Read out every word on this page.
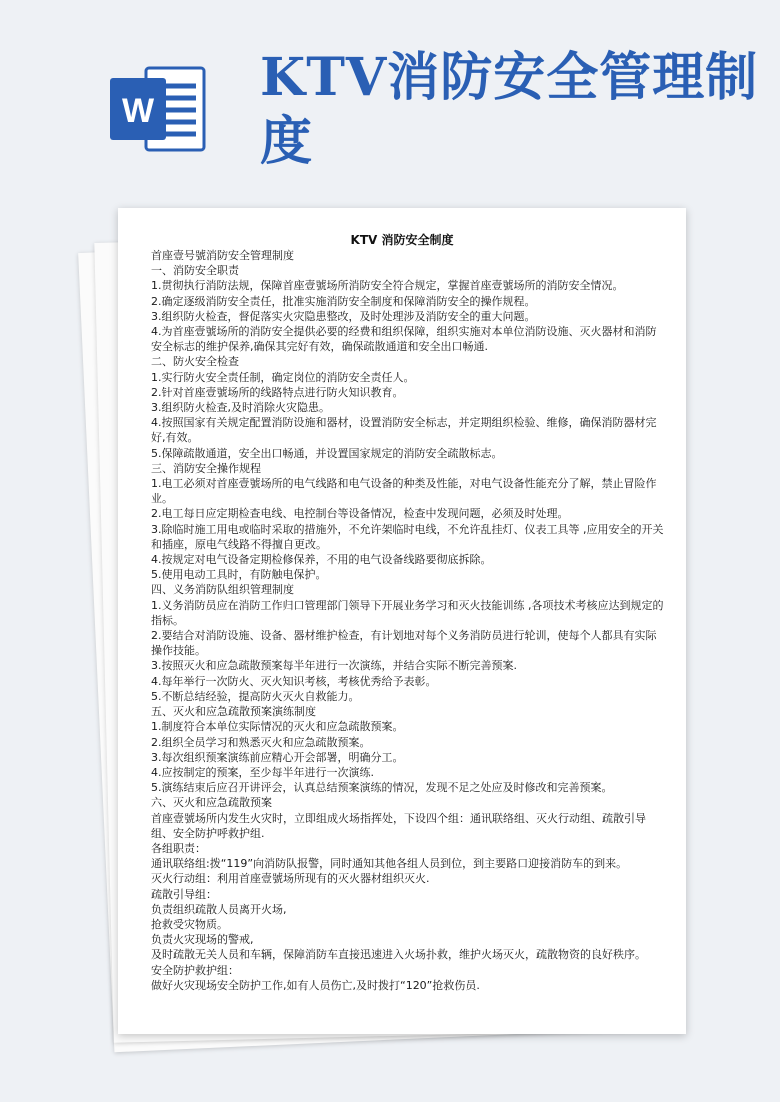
W
KTV消防安全管理制度
KTV 消防安全制度
首座壹号號消防安全管理制度
一、消防安全职责
1.贯彻执行消防法规，保障首座壹號场所消防安全符合规定，掌握首座壹號场所的消防安全情况。
2.确定逐级消防安全责任，批准实施消防安全制度和保障消防安全的操作规程。
3.组织防火检查，督促落实火灾隐患整改，及时处理涉及消防安全的重大问题。
4.为首座壹號场所的消防安全提供必要的经费和组织保障，组织实施对本单位消防设施、灭火器材和消防安全标志的维护保养,确保其完好有效，确保疏散通道和安全出口畅通.
二、防火安全检查
1.实行防火安全责任制，确定岗位的消防安全责任人。
2.针对首座壹號场所的线路特点进行防火知识教育。
3.组织防火检查,及时消除火灾隐患。
4.按照国家有关规定配置消防设施和器材，设置消防安全标志，并定期组织检验、维修，确保消防器材完好,有效。
5.保障疏散通道，安全出口畅通，并设置国家规定的消防安全疏散标志。
三、消防安全操作规程
1.电工必须对首座壹號场所的电气线路和电气设备的种类及性能，对电气设备性能充分了解，禁止冒险作业。
2.电工每日应定期检查电线、电控制台等设备情况，检查中发现问题，必须及时处理。
3.除临时施工用电或临时采取的措施外，不允许架临时电线，不允许乱挂灯、仪表工具等 ,应用安全的开关和插座，原电气线路不得擅自更改。
4.按规定对电气设备定期检修保养，不用的电气设备线路要彻底拆除。
5.使用电动工具时，有防触电保护。
四、义务消防队组织管理制度
1.义务消防员应在消防工作归口管理部门领导下开展业务学习和灭火技能训练 ,各项技术考核应达到规定的指标。
2.要结合对消防设施、设备、器材维护检查，有计划地对每个义务消防员进行轮训，使每个人都具有实际操作技能。
3.按照灭火和应急疏散预案每半年进行一次演练，并结合实际不断完善预案.
4.每年举行一次防火、灭火知识考核，考核优秀给予表彰。
5.不断总结经验，提高防火灭火自救能力。
五、灭火和应急疏散预案演练制度
1.制度符合本单位实际情况的灭火和应急疏散预案。
2.组织全员学习和熟悉灭火和应急疏散预案。
3.每次组织预案演练前应精心开会部署，明确分工。
4.应按制定的预案，至少每半年进行一次演练.
5.演练结束后应召开讲评会，认真总结预案演练的情况，发现不足之处应及时修改和完善预案。
六、灭火和应急疏散预案
首座壹號场所内发生火灾时，立即组成火场指挥处，下设四个组：通讯联络组、灭火行动组、疏散引导组、安全防护呼救护组.
各组职责：
通讯联络组:拨“119”向消防队报警，同时通知其他各组人员到位，到主要路口迎接消防车的到来。
灭火行动组：利用首座壹號场所现有的灭火器材组织灭火.
疏散引导组：
负责组织疏散人员离开火场,
抢救受灾物质。
负责火灾现场的警戒,
及时疏散无关人员和车辆，保障消防车直接迅速进入火场扑救，维护火场灭火，疏散物资的良好秩序。
安全防护救护组：
做好火灾现场安全防护工作,如有人员伤亡,及时拨打“120”抢救伤员.
